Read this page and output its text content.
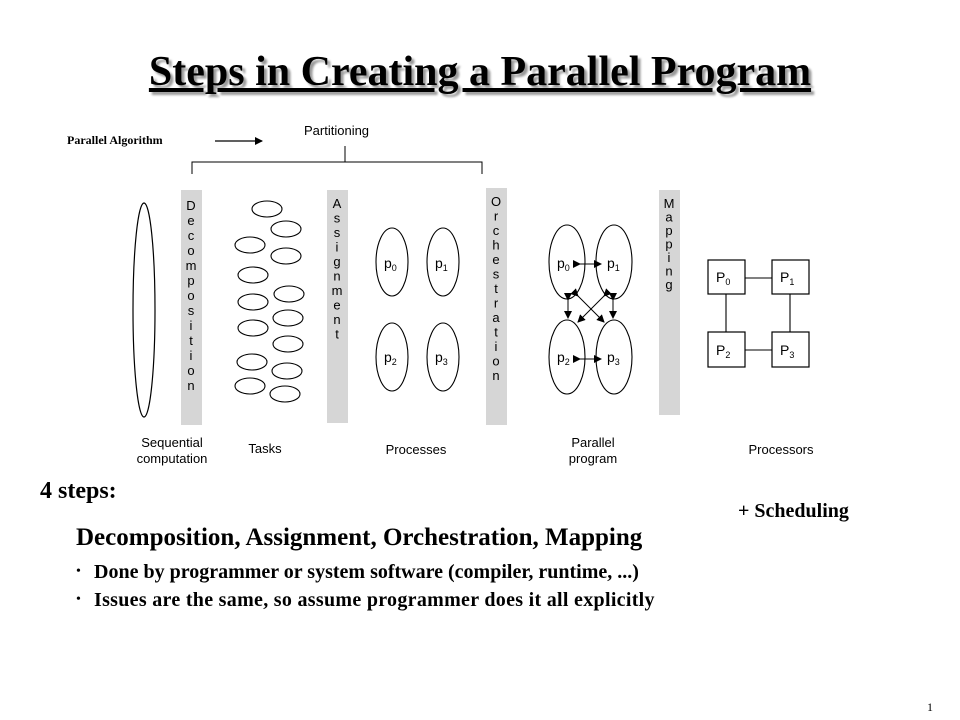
Steps in Creating a Parallel Program
Parallel Algorithm
Partitioning
D e c o m p o s i t i o n
A s s i g n m e n t
O r c h e s t r a t i o n
M a p p i n g
$p_0$	$p_1$
$p_2$	$p_3$
$p_0$	$p_1$
$p_2$	$p_3$
$P_0$	$P_1$
$P_2$	$P_3$
Sequential
computation
Tasks	Processes	Parallel
program
Processors
4 steps:
+ Scheduling
Decomposition, Assignment, Orchestration, Mapping
• Done by programmer or system software (compiler, runtime, ...)
• Issues are the same, so assume programmer does it all explicitly
1
